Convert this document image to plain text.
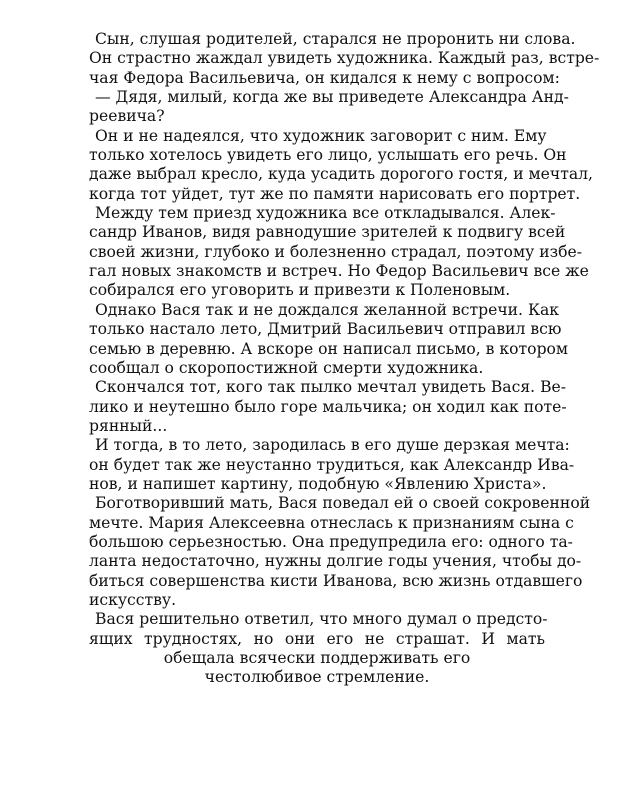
Сын, слушая родителей, старался не проронить ни слова.
Он страстно жаждал увидеть художника. Каждый раз, встре-
чая Федора Васильевича, он кидался к нему с вопросом:
— Дядя, милый, когда же вы приведете Александра Анд-
реевича?
Он и не надеялся, что художник заговорит с ним. Ему
только хотелось увидеть его лицо, услышать его речь. Он
даже выбрал кресло, куда усадить дорогого гостя, и мечтал,
когда тот уйдет, тут же по памяти нарисовать его портрет.
Между тем приезд художника все откладывался. Алек-
сандр Иванов, видя равнодушие зрителей к подвигу всей
своей жизни, глубоко и болезненно страдал, поэтому избе-
гал новых знакомств и встреч. Но Федор Васильевич все же
собирался его уговорить и привезти к Поленовым.
Однако Вася так и не дождался желанной встречи. Как
только настало лето, Дмитрий Васильевич отправил всю
семью в деревню. А вскоре он написал письмо, в котором
сообщал о скоропостижной смерти художника.
Скончался тот, кого так пылко мечтал увидеть Вася. Ве-
лико и неутешно было горе мальчика; он ходил как поте-
рянный...
И тогда, в то лето, зародилась в его душе дерзкая мечта:
он будет так же неустанно трудиться, как Александр Ива-
нов, и напишет картину, подобную «Явлению Христа».
Боготворивший мать, Вася поведал ей о своей сокровенной
мечте. Мария Алексеевна отнеслась к признаниям сына с
большою серьезностью. Она предупредила его: одного та-
ланта недостаточно, нужны долгие годы учения, чтобы до-
биться совершенства кисти Иванова, всю жизнь отдавшего
искусству.
Вася решительно ответил, что много думал о предсто-
ящих трудностях, но они его не страшат. И мать
обещала всячески поддерживать его
честолюбивое стремление.
